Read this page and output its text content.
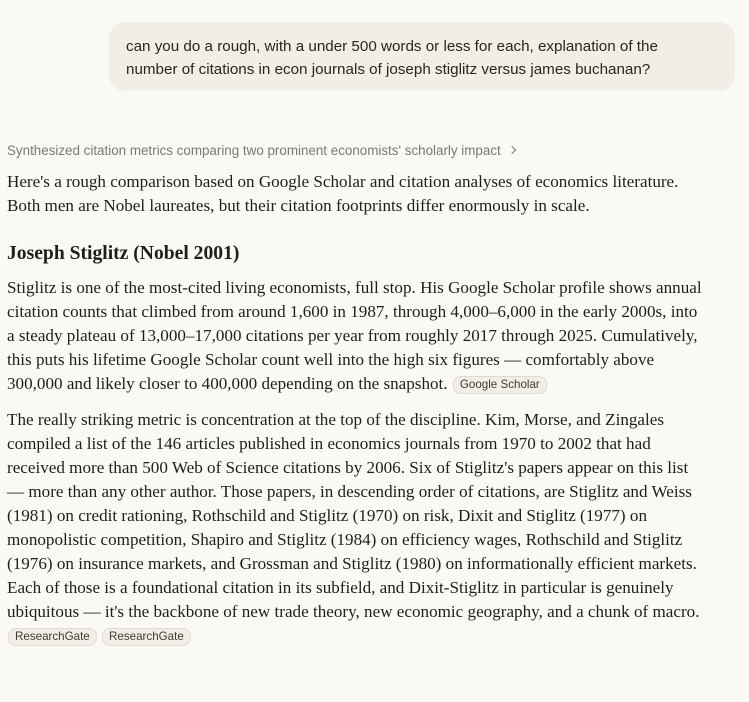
can you do a rough, with a under 500 words or less for each, explanation of the
number of citations in econ journals of joseph stiglitz versus james buchanan?
Synthesized citation metrics comparing two prominent economists' scholarly impact

Here's a rough comparison based on Google Scholar and citation analyses of economics literature. Both men are Nobel laureates, but their citation footprints differ enormously in scale.

Joseph Stiglitz (Nobel 2001)

Stiglitz is one of the most-cited living economists, full stop. His Google Scholar profile shows annual citation counts that climbed from around 1,600 in 1987, through 4,000–6,000 in the early 2000s, into a steady plateau of 13,000–17,000 citations per year from roughly 2017 through 2025. Cumulatively, this puts his lifetime Google Scholar count well into the high six figures — comfortably above 300,000 and likely closer to 400,000 depending on the snapshot. Google Scholar

The really striking metric is concentration at the top of the discipline. Kim, Morse, and Zingales compiled a list of the 146 articles published in economics journals from 1970 to 2002 that had received more than 500 Web of Science citations by 2006. Six of Stiglitz's papers appear on this list — more than any other author. Those papers, in descending order of citations, are Stiglitz and Weiss (1981) on credit rationing, Rothschild and Stiglitz (1970) on risk, Dixit and Stiglitz (1977) on monopolistic competition, Shapiro and Stiglitz (1984) on efficiency wages, Rothschild and Stiglitz (1976) on insurance markets, and Grossman and Stiglitz (1980) on informationally efficient markets. Each of those is a foundational citation in its subfield, and Dixit-Stiglitz in particular is genuinely ubiquitous — it's the backbone of new trade theory, new economic geography, and a chunk of macro. ResearchGate ResearchGate
